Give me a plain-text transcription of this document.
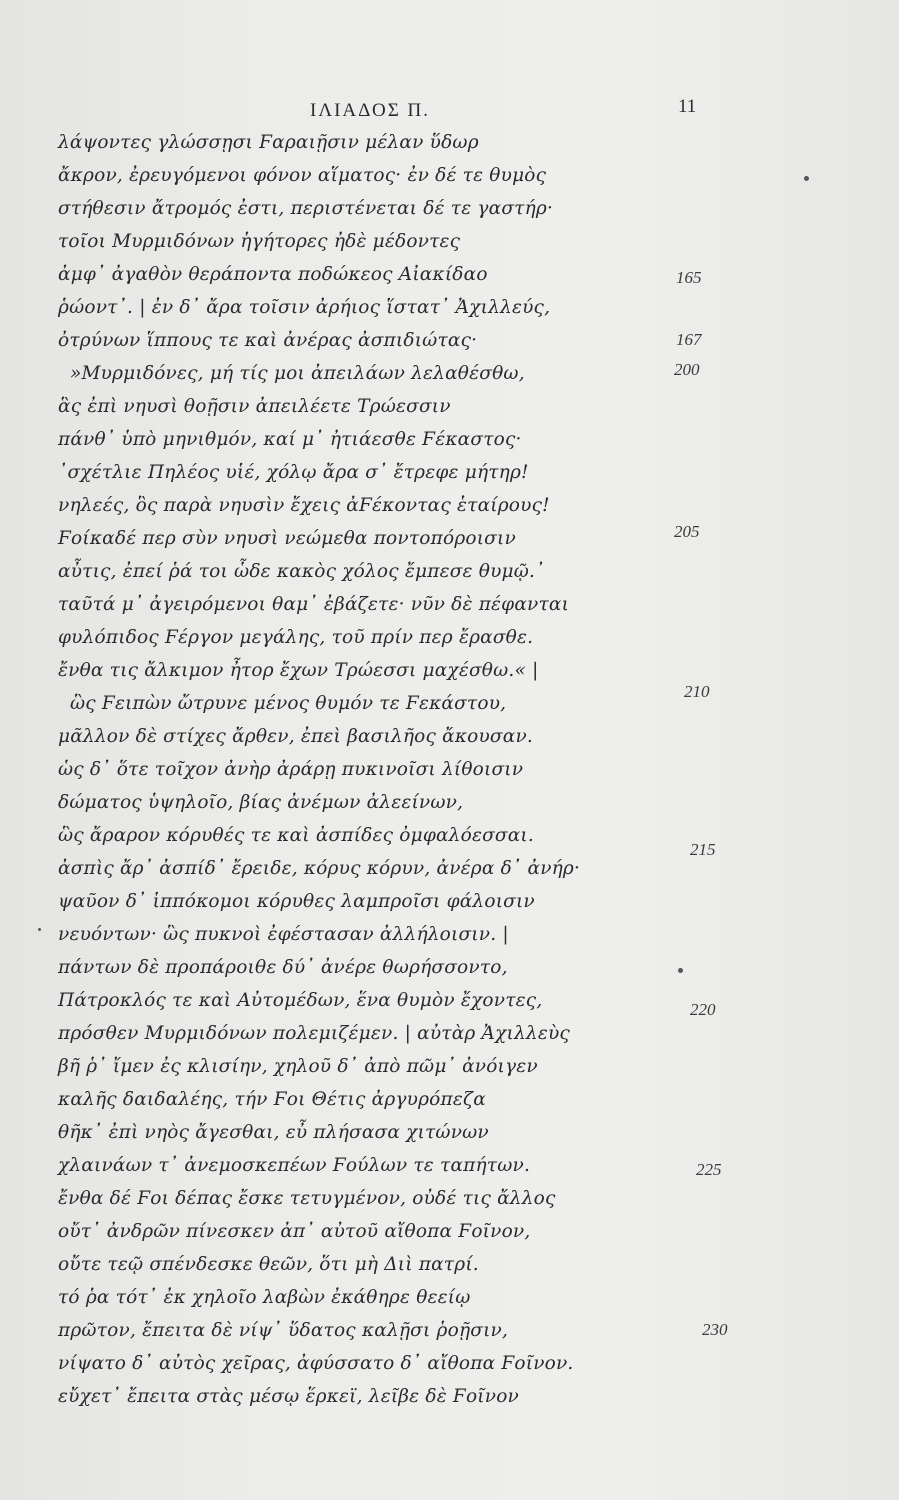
ΙΛΙΑΔΟΣ Π.	11
λάψοντες γλώσσῃσι Ϝαραιῇσιν μέλαν ὕδωρ
ἄκρον, ἐρευγόμενοι φόνον αἵματος· ἐν δέ τε θυμὸς
στήθεσιν ἄτρομός ἐστι, περιστένεται δέ τε γαστήρ·
τοῖοι Μυρμιδόνων ἡγήτορες ἠδὲ μέδοντες
ἀμφ᾽ ἀγαθὸν θεράποντα ποδώκεος Αἰακίδαο
ῥώοντ᾽. | ἐν δ᾽ ἄρα τοῖσιν ἀρήιος ἵστατ᾽ Ἀχιλλεύς,
ὀτρύνων ἵππους τε καὶ ἀνέρας ἀσπιδιώτας·
»Μυρμιδόνες, μή τίς μοι ἀπειλάων λελαθέσθω,
ἃς ἐπὶ νηυσὶ θοῇσιν ἀπειλέετε Τρώεσσιν
πάνθ᾽ ὑπὸ μηνιθμόν, καί μ᾽ ἠτιάεσθε Ϝέκαστος·
᾽σχέτλιε Πηλέος υἱέ, χόλῳ ἄρα σ᾽ ἔτρεφε μήτηρ!
νηλεές, ὃς παρὰ νηυσὶν ἔχεις ἀϜέκοντας ἑταίρους!
Ϝοίκαδέ περ σὺν νηυσὶ νεώμεθα ποντοπόροισιν
αὖτις, ἐπεί ῥά τοι ὧδε κακὸς χόλος ἔμπεσε θυμῷ.᾽
ταῦτά μ᾽ ἀγειρόμενοι θαμ᾽ ἐβάζετε· νῦν δὲ πέφανται
φυλόπιδος Ϝέργον μεγάλης, τοῦ πρίν περ ἔρασθε.
ἔνθα τις ἄλκιμον ἦτορ ἔχων Τρώεσσι μαχέσθω.« |
ὣς Ϝειπὼν ὤτρυνε μένος θυμόν τε Ϝεκάστου,
μᾶλλον δὲ στίχες ἄρθεν, ἐπεὶ βασιλῆος ἄκουσαν.
ὡς δ᾽ ὅτε τοῖχον ἀνὴρ ἀράρῃ πυκινοῖσι λίθοισιν
δώματος ὑψηλοῖο, βίας ἀνέμων ἀλεείνων,
ὣς ἄραρον κόρυθές τε καὶ ἀσπίδες ὀμφαλόεσσαι.
ἀσπὶς ἄρ᾽ ἀσπίδ᾽ ἔρειδε, κόρυς κόρυν, ἀνέρα δ᾽ ἀνήρ·
ψαῦον δ᾽ ἱππόκομοι κόρυθες λαμπροῖσι φάλοισιν
νευόντων· ὣς πυκνοὶ ἐφέστασαν ἀλλήλοισιν. |
πάντων δὲ προπάροιθε δύ᾽ ἀνέρε θωρήσσοντο,
Πάτροκλός τε καὶ Αὐτομέδων, ἕνα θυμὸν ἔχοντες,
πρόσθεν Μυρμιδόνων πολεμιζέμεν. | αὐτὰρ Ἀχιλλεὺς
βῆ ῥ᾽ ἴμεν ἐς κλισίην, χηλοῦ δ᾽ ἀπὸ πῶμ᾽ ἀνόιγεν
καλῆς δαιδαλέης, τήν Ϝοι Θέτις ἀργυρόπεζα
θῆκ᾽ ἐπὶ νηὸς ἄγεσθαι, εὖ πλήσασα χιτώνων
χλαινάων τ᾽ ἀνεμοσκεπέων Ϝούλων τε ταπήτων.
ἔνθα δέ Ϝοι δέπας ἔσκε τετυγμένον, οὐδέ τις ἄλλος
οὔτ᾽ ἀνδρῶν πίνεσκεν ἀπ᾽ αὐτοῦ αἴθοπα Ϝοῖνον,
οὔτε τεῷ σπένδεσκε θεῶν, ὅτι μὴ Διὶ πατρί.
τό ῥα τότ᾽ ἐκ χηλοῖο λαβὼν ἐκάθηρε θεείῳ
πρῶτον, ἔπειτα δὲ νίψ᾽ ὕδατος καλῇσι ῥοῇσιν,
νίψατο δ᾽ αὐτὸς χεῖρας, ἀφύσσατο δ᾽ αἴθοπα Ϝοῖνον.
εὔχετ᾽ ἔπειτα στὰς μέσῳ ἕρκεϊ, λεῖβε δὲ Ϝοῖνον
165
167
200
205
210
215
220
225
230
